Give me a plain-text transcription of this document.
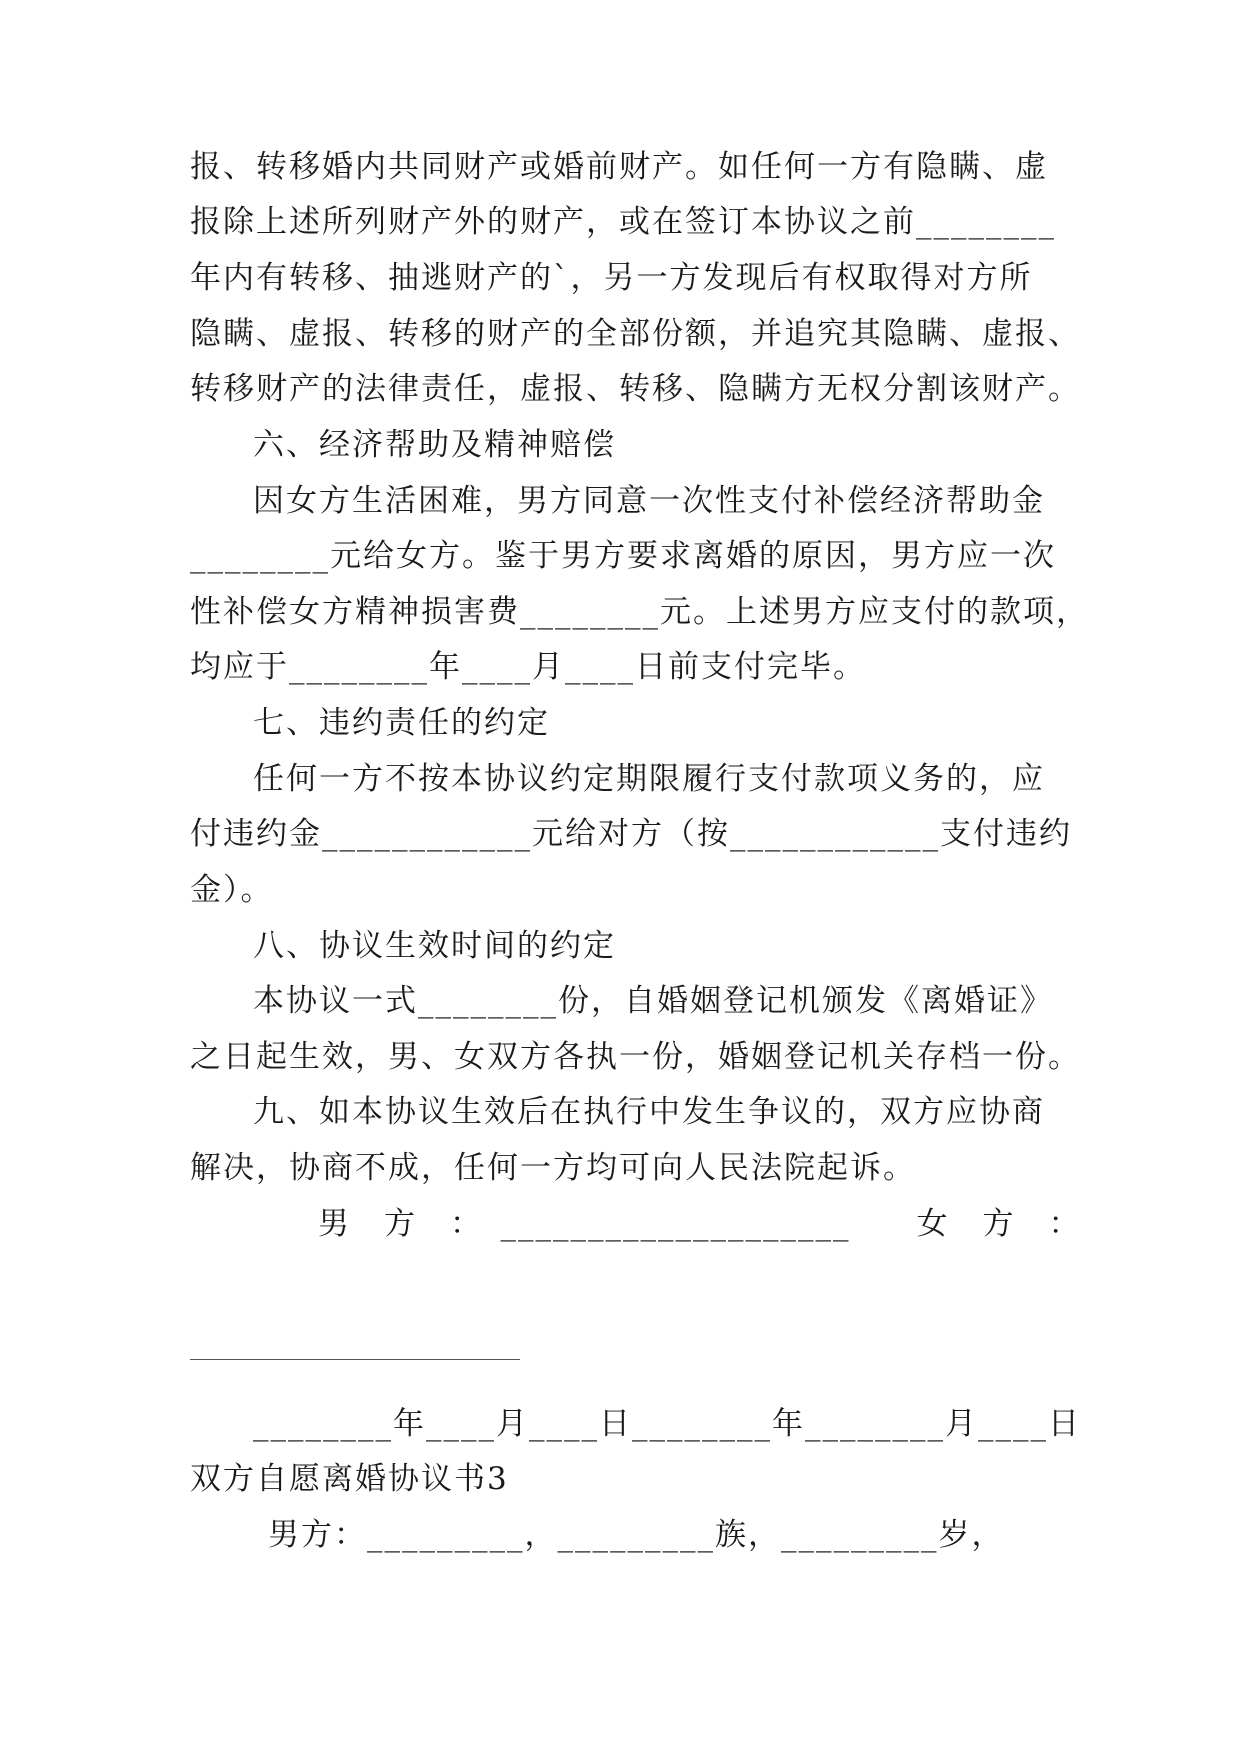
报、转移婚内共同财产或婚前财产。如任何一方有隐瞒、虚
报除上述所列财产外的财产，或在签订本协议之前________
年内有转移、抽逃财产的`，另一方发现后有权取得对方所
隐瞒、虚报、转移的财产的全部份额，并追究其隐瞒、虚报、
转移财产的法律责任，虚报、转移、隐瞒方无权分割该财产。
六、经济帮助及精神赔偿
因女方生活困难，男方同意一次性支付补偿经济帮助金
________元给女方。鉴于男方要求离婚的原因，男方应一次
性补偿女方精神损害费________元。上述男方应支付的款项，
均应于________年____月____日前支付完毕。
七、违约责任的约定
任何一方不按本协议约定期限履行支付款项义务的，应
付违约金____________元给对方（按____________支付违约
金）。
八、协议生效时间的约定
本协议一式________份，自婚姻登记机颁发《离婚证》
之日起生效，男、女双方各执一份，婚姻登记机关存档一份。
九、如本协议生效后在执行中发生争议的，双方应协商
解决，协商不成，任何一方均可向人民法院起诉。
男　方　：　____________________　　女　方　：
________年____月____日________年________月____日
双方自愿离婚协议书3
男方：_________，_________族，_________岁，
